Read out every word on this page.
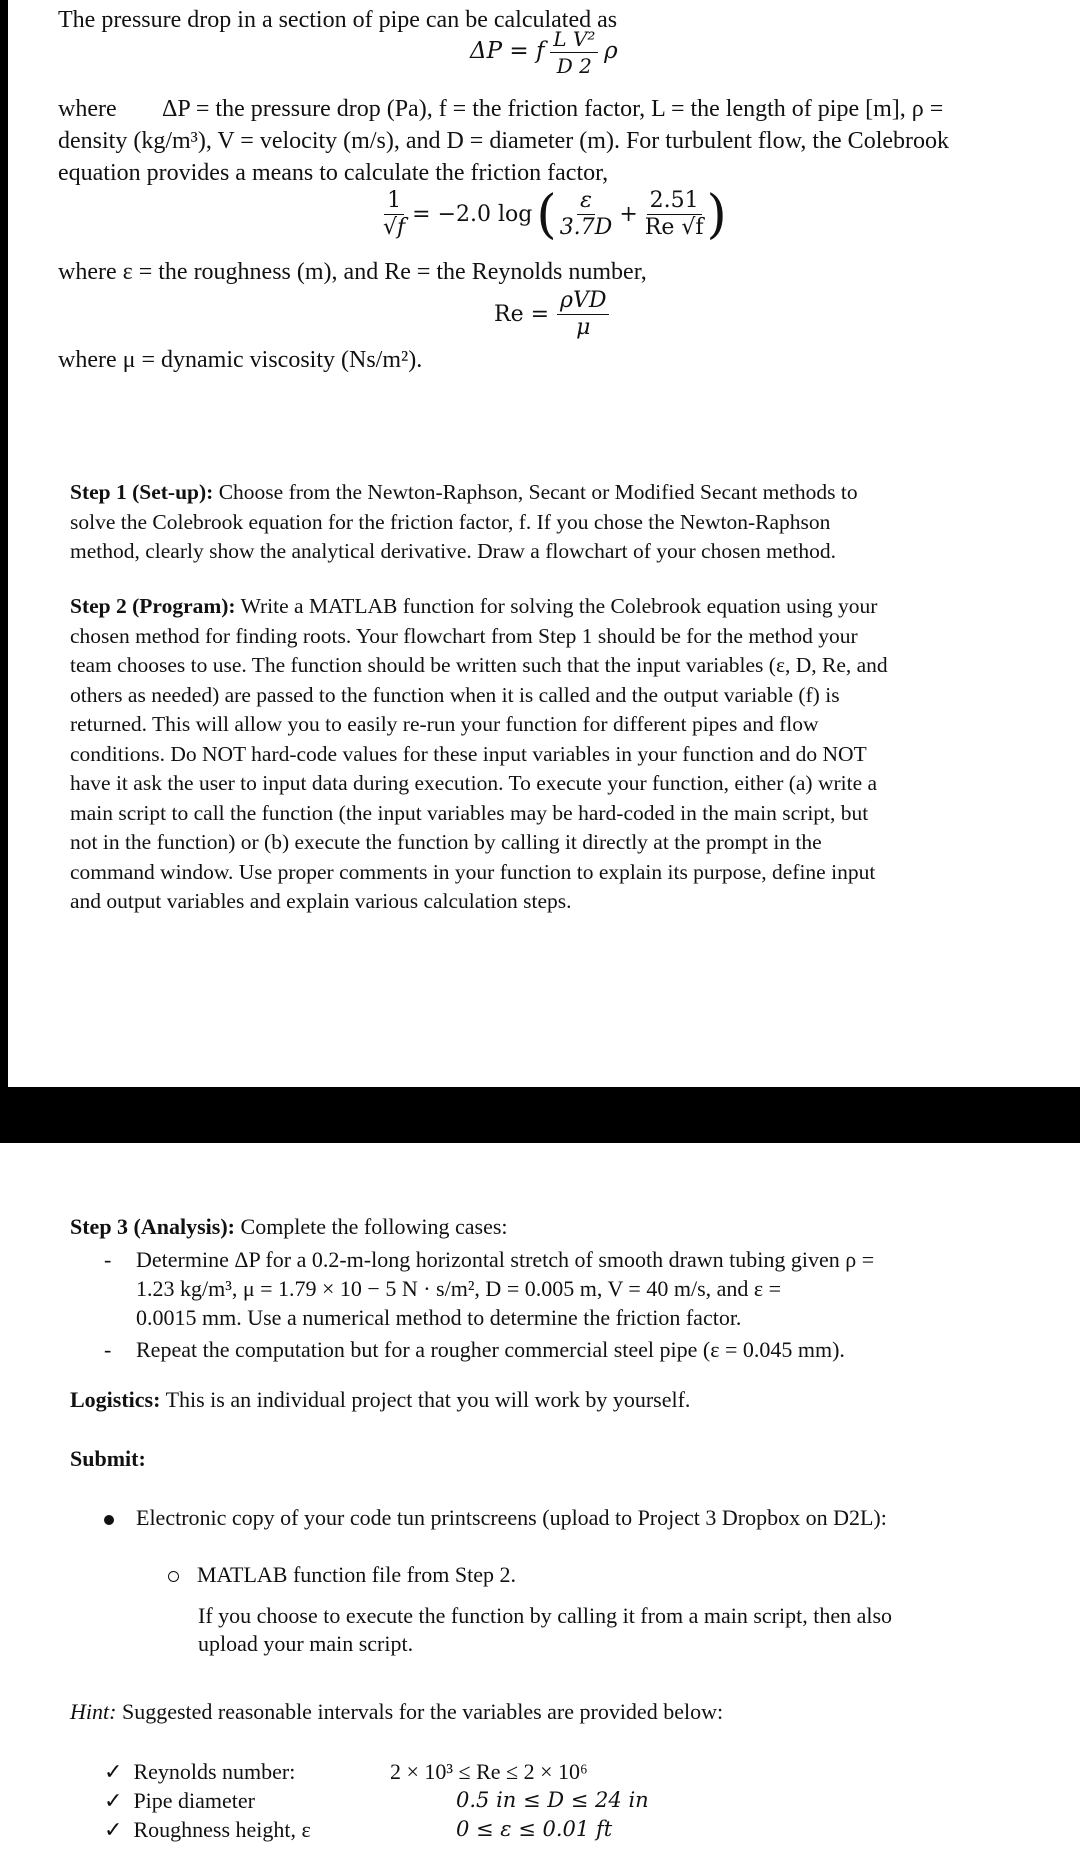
The pressure drop in a section of pipe can be calculated as
ΔP = f $\frac{\text{L V²}}{D 2}$ ρ
where ΔP = the pressure drop (Pa), f = the friction factor, L = the length of pipe [m], ρ =
density (kg/m³), V = velocity (m/s), and D = diameter (m). For turbulent flow, the Colebrook
equation provides a means to calculate the friction factor,
$\frac{1}{√f} = -2.0$ log ( $\frac{\varepsilon}{3.7D} + \frac{2.51}{Re √f}$ )
where ε = the roughness (m), and Re = the Reynolds number,
$Re = \frac{\text{ρVD}}{\mu}$
where μ = dynamic viscosity (Ns/m²).
Step 1 (Set-up): Choose from the Newton-Raphson, Secant or Modified Secant methods to
solve the Colebrook equation for the friction factor, f. If you chose the Newton-Raphson
method, clearly show the analytical derivative. Draw a flowchart of your chosen method.
Step 2 (Program): Write a MATLAB function for solving the Colebrook equation using your
chosen method for finding roots. Your flowchart from Step 1 should be for the method your
team chooses to use. The function should be written such that the input variables (ε, D, Re, and
others as needed) are passed to the function when it is called and the output variable (f) is
returned. This will allow you to easily re-run your function for different pipes and flow
conditions. Do NOT hard-code values for these input variables in your function and do NOT
have it ask the user to input data during execution. To execute your function, either (a) write a
main script to call the function (the input variables may be hard-coded in the main script, but
not in the function) or (b) execute the function by calling it directly at the prompt in the
command window. Use proper comments in your function to explain its purpose, define input
and output variables and explain various calculation steps.
Step 3 (Analysis): Complete the following cases:
- Determine ΔP for a 0.2-m-long horizontal stretch of smooth drawn tubing given ρ =
1.23 kg/m³, μ = 1.79 × 10 − 5 N · s/m², D = 0.005 m, V = 40 m/s, and ε =
0.0015 mm. Use a numerical method to determine the friction factor.
- Repeat the computation but for a rougher commercial steel pipe (ε = 0.045 mm).
Logistics: This is an individual project that you will work by yourself.
Submit:
Electronic copy of your code tun printscreens (upload to Project 3 Dropbox on D2L):
MATLAB function file from Step 2.
If you choose to execute the function by calling it from a main script, then also
upload your main script.
Hint: Suggested reasonable intervals for the variables are provided below:
✓ Reynolds number:
✓ Pipe diameter
✓ Roughness height, ε
2 × 10³ ≤ Re ≤ 2 × 10⁶
0.5 in ≤ D ≤ 24 in
0 ≤ ε ≤ 0.01 ft
